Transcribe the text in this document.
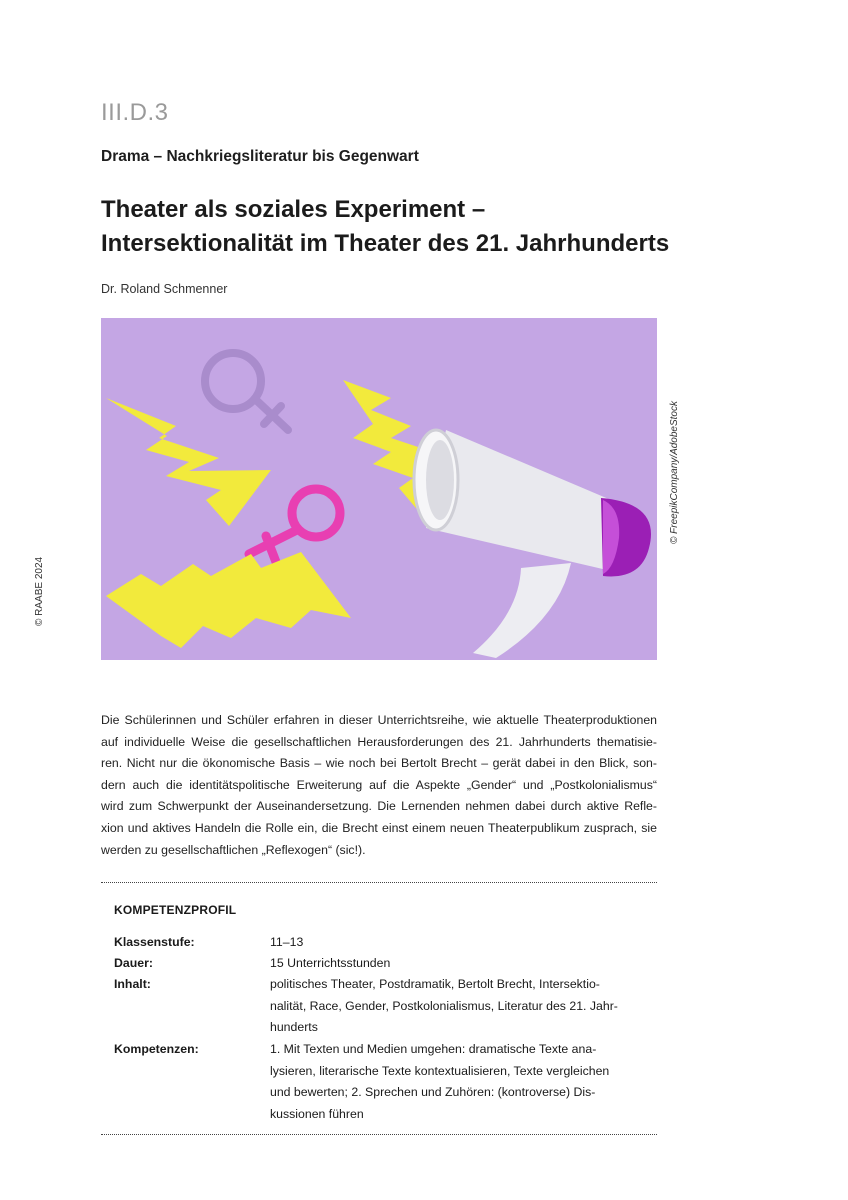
III.D.3
Drama – Nachkriegsliteratur bis Gegenwart
Theater als soziales Experiment –
Intersektionalität im Theater des 21. Jahrhunderts
Dr. Roland Schmenner
© FreepikCompany/AdobeStock
© RAABE 2024
Die Schülerinnen und Schüler erfahren in dieser Unterrichtsreihe, wie aktuelle Theaterproduktionen
auf individuelle Weise die gesellschaftlichen Herausforderungen des 21. Jahrhunderts thematisie-
ren. Nicht nur die ökonomische Basis – wie noch bei Bertolt Brecht – gerät dabei in den Blick, son-
dern auch die identitätspolitische Erweiterung auf die Aspekte „Gender“ und „Postkolonialismus“
wird zum Schwerpunkt der Auseinandersetzung. Die Lernenden nehmen dabei durch aktive Refle-
xion und aktives Handeln die Rolle ein, die Brecht einst einem neuen Theaterpublikum zusprach, sie
werden zu gesellschaftlichen „Reflexogen“ (sic!).
KOMPETENZPROFIL
Klassenstufe:	11–13
Dauer:	15 Unterrichtsstunden
Inhalt:	politisches Theater, Postdramatik, Bertolt Brecht, Intersektio-
nalität, Race, Gender, Postkolonialismus, Literatur des 21. Jahr-
hunderts
Kompetenzen:	1. Mit Texten und Medien umgehen: dramatische Texte ana-
lysieren, literarische Texte kontextualisieren, Texte vergleichen
und bewerten; 2. Sprechen und Zuhören: (kontroverse) Dis-
kussionen führen
